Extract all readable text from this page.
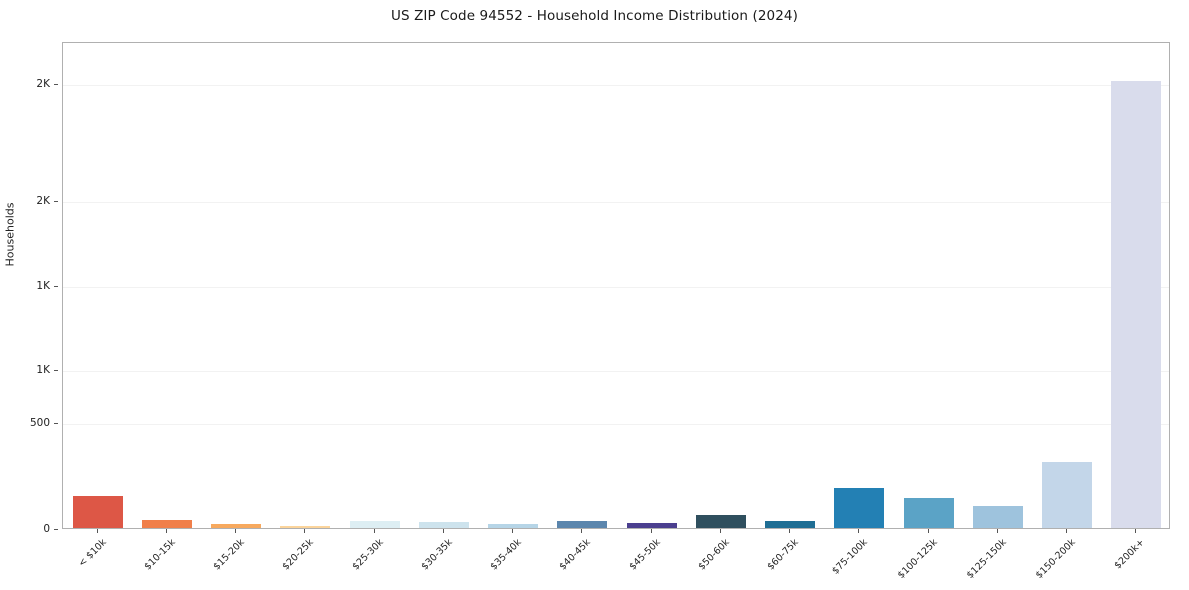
US ZIP Code 94552 - Household Income Distribution (2024)
Households
0
500
1K
1K
2K
2K
< $10k	$10-15k	$15-20k	$20-25k	$25-30k	$30-35k	$35-40k	$40-45k	$45-50k	$50-60k	$60-75k	$75-100k	$100-125k	$125-150k	$150-200k	$200k+
